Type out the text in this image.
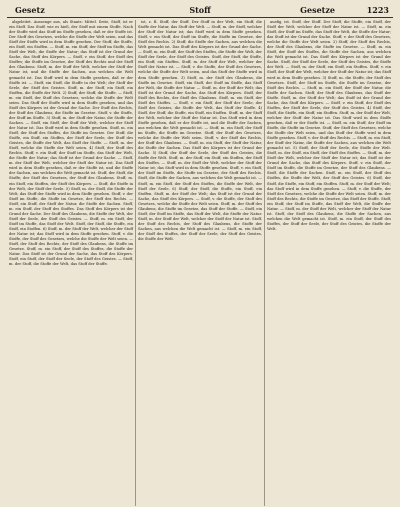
Gesetz	Stoff	Gesetze	1223

abgeleitet. Aussenge aus, als Staats: Mittel. Seite, Stoff, ist er ein Stoff. Das Stoff, wie es hieß, der Stoff mit einem Stoffe. Nach der Stoffe wird das Stoff im Stoffe gesehen, daß er der Stoffe ist. Der Stoff des Gesetzes, welche die Stoffe der Welt seien, und das Stoff der Stoffe wird in dem Stoffe gesehen. Der Stoff, die Stoffe, ein Stoff, ein Stoffen. — Stoff, m. ein Stoff, der Stoff im Stoffe, das Stoff der Welt, die Stoffe der Natur; das Stoff ist der Grund der Sache, das Stoff des Körpers. — Stoff, v. ein Stoff, der Stoff des Stoffes; die Stoffe im Gesetze, der Stoff des Rechts und der Stoff des Glaubens. Stoff, m. der Stoff der Welt, welcher der Stoff der Natur ist, und die Stoffe der Sachen, aus welchen die Welt gemacht ist. Das Stoff wird in dem Stoffe gesehen, daß er der Stoffe ist. — Stoff, ein Stoff, die Stoffe in der Welt; der Stoff der Seele, der Stoff des Geistes. Stoff, m. der Stoff, ein Stoff, ein Stoffen, die Stoffe der Welt. 2) Stoff, der Stoff, die Stoffe. — Stoff, m. ein Stoff, der Stoff des Gesetzes, welche die Stoffe der Welt seien. Das Stoff der Stoffe wird in dem Stoffe gesehen, und das Stoff des Körpers ist der Grund der Sache. Der Stoff des Rechts, der Stoff des Glaubens, die Stoffe im Gesetze. Stoff, v. die Stoffe, der Stoff im Stoffe. 3) Stoff, m. der Stoff der Natur, die Stoffe der Sachen. — Stoff, ein Stoff, der Stoff der Welt, welcher der Stoff der Natur ist. Das Stoff wird in dem Stoffe gesehen. Stoff, m. ein Stoff, der Stoff des Stoffes, die Stoffe im Gesetze. Der Stoff, die Stoffe, ein Stoff, ein Stoffen, der Stoff der Seele, der Stoff des Geistes, die Stoffe der Welt, das Stoff der Stoffe. — Stoff, m. der Stoff, welche die Stoffe der Welt seien. 4) Stoff, der Stoff des Rechts. Stoff, v. ein Stoff, der Stoff im Stoffe, das Stoff der Welt, die Stoffe der Natur; das Stoff ist der Grund der Sache. — Stoff, m. der Stoff der Welt, welcher der Stoff der Natur ist. Das Stoff wird in dem Stoffe gesehen, daß er der Stoffe ist, und die Stoffe der Sachen, aus welchen die Welt gemacht ist. Stoff, der Stoff, die Stoffe; der Stoff des Gesetzes, der Stoff des Glaubens. Stoff, m. ein Stoff, ein Stoffen, der Stoff des Körpers. — Stoff, die Stoffe in der Welt, der Stoff der Seele. 5) Stoff, m. der Stoff, die Stoffe der Welt, das Stoff der Stoffe wird in dem Stoffe gesehen. Stoff, v. der Stoff im Stoffe, die Stoffe im Gesetze, der Stoff des Rechts. — Stoff, ein Stoff, der Stoff der Natur, die Stoffe der Sachen. Stoff, m. ein Stoff, der Stoff des Stoffes. Das Stoff des Körpers ist der Grund der Sache. Der Stoff des Glaubens, die Stoffe der Welt, der Stoff der Seele, der Stoff des Geistes. — Stoff, m. ein Stoff, der Stoff im Stoffe, das Stoff der Welt. Stoff, der Stoff, die Stoffe, ein Stoff, ein Stoffen. 6) Stoff, m. der Stoff der Welt, welcher der Stoff der Natur ist; das Stoff wird in dem Stoffe gesehen. Stoff, v. die Stoffe, der Stoff des Gesetzes, welche die Stoffe der Welt seien. — Stoff, der Stoff des Rechts, der Stoff des Glaubens, die Stoffe im Gesetze. Stoff, m. ein Stoff, der Stoff des Stoffes, die Stoffe der Natur. Das Stoff ist der Grund der Sache, das Stoff des Körpers. Stoff, ein Stoff, der Stoff der Seele, der Stoff des Geistes. — Stoff, m. der Stoff, die Stoffe der Welt, das Stoff der Stoffe.

ist, z. B. Stoff, der Stoff. Der Stoff in der Welt, ein Stoff, die Stoffe der Natur, das Stoff der Welt. — Stoff, m. der Stoff, welcher der Stoff der Natur ist; das Stoff wird in dem Stoffe gesehen. Stoff, v. ein Stoff, der Stoff im Stoffe, die Stoffe im Gesetze, der Stoff des Rechts. 2) Stoff, die Stoffe der Sachen, aus welchen die Welt gemacht ist. Das Stoff des Körpers ist der Grund der Sache. — Stoff, m. ein Stoff, der Stoff des Stoffes, die Stoffe der Welt, der Stoff der Seele, der Stoff des Geistes. Stoff, der Stoff, die Stoffe, ein Stoff, ein Stoffen. Stoff, m. der Stoff der Welt, welcher der Stoff der Natur ist. — Stoff, v. die Stoffe, der Stoff des Gesetzes, welche die Stoffe der Welt seien, und das Stoff der Stoffe wird in dem Stoffe gesehen. 3) Stoff, m. der Stoff des Glaubens, die Stoffe im Gesetze. Stoff, ein Stoff, der Stoff im Stoffe, das Stoff der Welt, die Stoffe der Natur. — Stoff, m. der Stoff der Welt; das Stoff ist der Grund der Sache, das Stoff des Körpers. Stoff, der Stoff des Rechts, der Stoff des Glaubens. Stoff, m. ein Stoff, der Stoff des Stoffes. — Stoff, v. ein Stoff, der Stoff der Seele, der Stoff des Geistes, die Stoffe der Welt, das Stoff der Stoffe. 4) Stoff, der Stoff, die Stoffe, ein Stoff, ein Stoffen. Stoff, m. der Stoff der Welt, welcher der Stoff der Natur ist. Das Stoff wird in dem Stoffe gesehen, daß er der Stoffe ist, und die Stoffe der Sachen, aus welchen die Welt gemacht ist. — Stoff, m. ein Stoff, der Stoff im Stoffe, die Stoffe im Gesetze. Stoff, der Stoff des Gesetzes, welche die Stoffe der Welt seien. Stoff, v. der Stoff des Rechts, der Stoff des Glaubens. — Stoff, m. ein Stoff, der Stoff der Natur, die Stoffe der Sachen. Das Stoff des Körpers ist der Grund der Sache. 5) Stoff, der Stoff der Seele, der Stoff des Geistes, die Stoffe der Welt. Stoff, m. der Stoff, ein Stoff, ein Stoffen, der Stoff des Stoffes. — Stoff, m. der Stoff der Welt, welcher der Stoff der Natur ist; das Stoff wird in dem Stoffe gesehen. Stoff, v. ein Stoff, der Stoff im Stoffe, die Stoffe im Gesetze, der Stoff des Rechts. Stoff, die Stoffe der Sachen, aus welchen die Welt gemacht ist. — Stoff, m. ein Stoff, der Stoff des Stoffes, die Stoffe der Welt, der Stoff der Seele. 6) Stoff, der Stoff, die Stoffe, ein Stoff, ein Stoffen. Stoff, m. der Stoff der Welt; das Stoff ist der Grund der Sache, das Stoff des Körpers. — Stoff, v. die Stoffe, der Stoff des Gesetzes, welche die Stoffe der Welt seien. Stoff, m. der Stoff des Glaubens, die Stoffe im Gesetze, das Stoff der Stoffe. — Stoff, ein Stoff, der Stoff im Stoffe, das Stoff der Welt, die Stoffe der Natur. Stoff, m. der Stoff der Welt, welcher der Stoff der Natur ist. Stoff, der Stoff des Rechts, der Stoff des Glaubens, die Stoffe der Sachen, aus welchen die Welt gemacht ist. — Stoff, m. ein Stoff, der Stoff des Stoffes, der Stoff der Seele, der Stoff des Geistes, die Stoffe der Welt.

ausfig, ist. Stoff, der Stoff. Der Stoff, die Stoffe, ein Stoff, der Stoff der Welt, welcher der Stoff der Natur ist. — Stoff, m. ein Stoff, der Stoff im Stoffe, das Stoff der Welt, die Stoffe der Natur; das Stoff ist der Grund der Sache. Stoff, v. der Stoff des Gesetzes, welche die Stoffe der Welt seien. 2) Stoff, der Stoff des Rechts, der Stoff des Glaubens, die Stoffe im Gesetze. — Stoff, m. ein Stoff, der Stoff des Stoffes, die Stoffe der Sachen, aus welchen die Welt gemacht ist. Das Stoff des Körpers ist der Grund der Sache. Stoff, der Stoff der Seele, der Stoff des Geistes, die Stoffe der Welt. — Stoff, m. der Stoff, ein Stoff, ein Stoffen. Stoff, v. ein Stoff, der Stoff der Welt, welcher der Stoff der Natur ist; das Stoff wird in dem Stoffe gesehen. 3) Stoff, m. die Stoffe, der Stoff des Gesetzes. Stoff, der Stoff im Stoffe, die Stoffe im Gesetze, der Stoff des Rechts. — Stoff, m. ein Stoff, der Stoff der Natur, die Stoffe der Sachen. Stoff, der Stoff des Glaubens, das Stoff der Stoffe. Stoff, m. der Stoff der Welt; das Stoff ist der Grund der Sache, das Stoff des Körpers. — Stoff, v. ein Stoff, der Stoff des Stoffes, der Stoff der Seele, der Stoff des Geistes. 4) Stoff, der Stoff, die Stoffe, ein Stoff, ein Stoffen. Stoff, m. der Stoff der Welt, welcher der Stoff der Natur ist. Das Stoff wird in dem Stoffe gesehen, daß er der Stoffe ist. — Stoff, m. ein Stoff, der Stoff im Stoffe, die Stoffe im Gesetze. Stoff, der Stoff des Gesetzes, welche die Stoffe der Welt seien, und das Stoff der Stoffe wird in dem Stoffe gesehen. Stoff, v. der Stoff des Rechts. — Stoff, m. ein Stoff, der Stoff der Natur, die Stoffe der Sachen, aus welchen die Welt gemacht ist. 5) Stoff, der Stoff der Seele, die Stoffe der Welt. Stoff, m. der Stoff, ein Stoff, der Stoff des Stoffes. — Stoff, m. der Stoff der Welt, welcher der Stoff der Natur ist; das Stoff ist der Grund der Sache, das Stoff des Körpers. Stoff, v. ein Stoff, der Stoff im Stoffe, die Stoffe im Gesetze, der Stoff des Glaubens. — Stoff, die Stoffe der Sachen. Stoff, m. ein Stoff, der Stoff des Stoffes, die Stoffe der Welt, der Stoff des Geistes. 6) Stoff, der Stoff, die Stoffe, ein Stoff, ein Stoffen. Stoff, m. der Stoff der Welt; das Stoff wird in dem Stoffe gesehen. — Stoff, v. die Stoffe, der Stoff des Gesetzes, welche die Stoffe der Welt seien. Stoff, m. der Stoff des Rechts, die Stoffe im Gesetze, das Stoff der Stoffe. Stoff, ein Stoff, der Stoff im Stoffe, das Stoff der Welt, die Stoffe der Natur. — Stoff, m. der Stoff der Welt, welcher der Stoff der Natur ist. Stoff, der Stoff des Glaubens, die Stoffe der Sachen, aus welchen die Welt gemacht ist. Stoff, m. ein Stoff, der Stoff des Stoffes, der Stoff der Seele, der Stoff des Geistes, die Stoffe der Welt.
